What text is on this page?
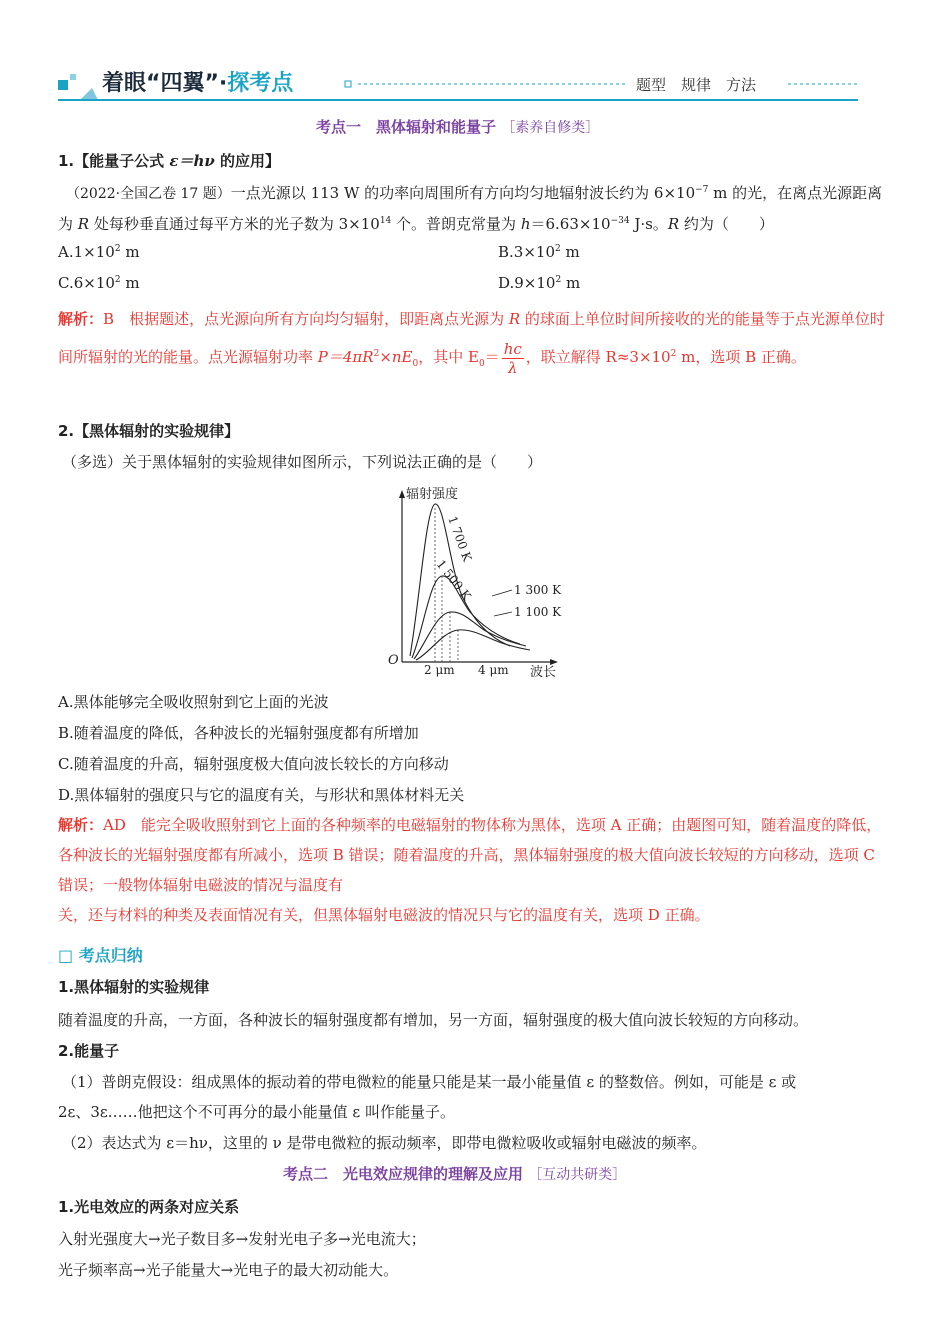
着眼“四翼”·探考点	题型　规律　方法
考点一　黑体辐射和能量子 ［素养自修类］
1.【能量子公式 ε＝hν 的应用】
（2022·全国乙卷 17 题）一点光源以 113 W 的功率向周围所有方向均匀地辐射波长约为 $6\times 10^{-7}$ m 的光，在离点光源距离为 R 处每秒垂直通过每平方米的光子数为 $3\times 10^{14}$ 个。普朗克常量为 $h=6.63\times 10^{-34}$ J·s。R 约为（　　）
$A.1\times 10^2$ m	$B.3\times 10^2$ m
$C.6\times 10^2$ m	$D.9\times 10^2$ m
解析：B　 根据题述，点光源向所有方向均匀辐射，即距离点光源为 R 的球面上单位时间所接收的光的能量等于点光源单位时间所辐射的光的能量。点光源辐射功率 $P=4\pi R^2\times nE_0$，其中 $E_0= \frac{hc}{\lambda}$ ，联立解得 $R\approx 3\times 10^2$ m，选项 B 正确。
2.【黑体辐射的实验规律】
（多选）关于黑体辐射的实验规律如图所示，下列说法正确的是（　　）
辐射强度
波长
O
2 μm 4 μm
1 700 K
1 500 K	1 300 K
1 100 K
A.黑体能够完全吸收照射到它上面的光波
B.随着温度的降低，各种波长的光辐射强度都有所增加
C.随着温度的升高，辐射强度极大值向波长较长的方向移动
D.黑体辐射的强度只与它的温度有关，与形状和黑体材料无关
解析：AD　 能完全吸收照射到它上面的各种频率的电磁辐射的物体称为黑体，选项 A 正确；由题图可知，随着温度的降低，各种波长的光辐射强度都有所减小，选项 B 错误；随着温度的升高，黑体辐射强度的极大值向波长较短的方向移动，选项 C 错误；一般物体辐射电磁波的情况与温度有
关，还与材料的种类及表面情况有关，但黑体辐射电磁波的情况只与它的温度有关，选项 D 正确。
□ 考点归纳
1.黑体辐射的实验规律
随着温度的升高，一方面，各种波长的辐射强度都有增加，另一方面，辐射强度的极大值向波长较短的方向移动。
2.能量子
（1）普朗克假设：组成黑体的振动着的带电微粒的能量只能是某一最小能量值 ε 的整数倍。例如，可能是 ε 或
2ε、3ε……他把这个不可再分的最小能量值 ε 叫作能量子。
（2）表达式为 ε＝hν，这里的 ν 是带电微粒的振动频率，即带电微粒吸收或辐射电磁波的频率。
考点二　光电效应规律的理解及应用 ［互动共研类］
1.光电效应的两条对应关系
入射光强度大→光子数目多→发射光电子多→光电流大；
光子频率高→光子能量大→光电子的最大初动能大。
